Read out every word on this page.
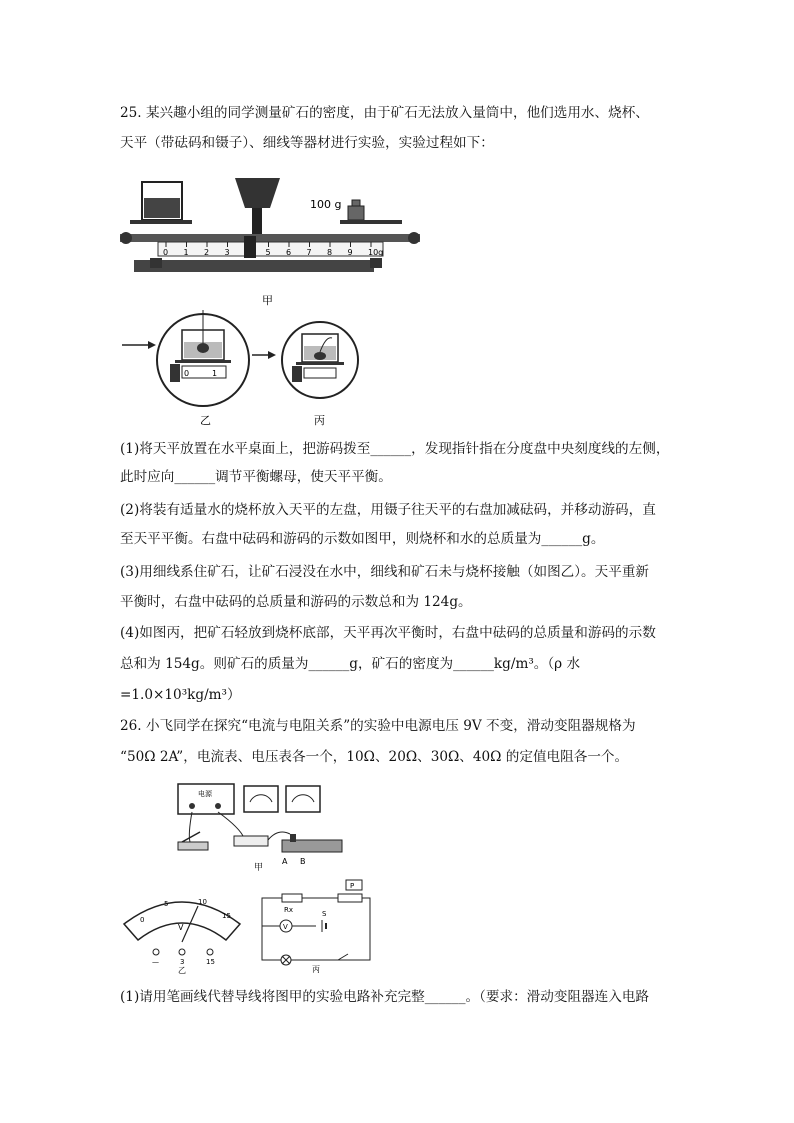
25. 某兴趣小组的同学测量矿石的密度，由于矿石无法放入量筒中，他们选用水、烧杯、
天平（带砝码和镊子）、细线等器材进行实验，实验过程如下：
100 g
0 1 2 3	5 6 7 8 9 10g
甲
0	1
乙	丙
(1)将天平放置在水平桌面上，把游码拨至______，发现指针指在分度盘中央刻度线的左侧，
此时应向______调节平衡螺母，使天平平衡。
(2)将装有适量水的烧杯放入天平的左盘，用镊子往天平的右盘加减砝码，并移动游码，直
至天平平衡。右盘中砝码和游码的示数如图甲，则烧杯和水的总质量为______g。
(3)用细线系住矿石，让矿石浸没在水中，细线和矿石未与烧杯接触（如图乙）。天平重新
平衡时，右盘中砝码的总质量和游码的示数总和为 124g。
(4)如图丙，把矿石轻放到烧杯底部，天平再次平衡时，右盘中砝码的总质量和游码的示数
总和为 154g。则矿石的质量为______g，矿石的密度为______kg/m³。（ρ 水
=1.0×10³kg/m³）
26. 小飞同学在探究“电流与电阻关系”的实验中电源电压 9V 不变，滑动变阻器规格为
“50Ω 2A”，电流表、电压表各一个，10Ω、20Ω、30Ω、40Ω 的定值电阻各一个。
电源
A B
甲
0
5	10
15
V
—	3	15
乙
Rx
P
V
S
丙
(1)请用笔画线代替导线将图甲的实验电路补充完整______。（要求：滑动变阻器连入电路
